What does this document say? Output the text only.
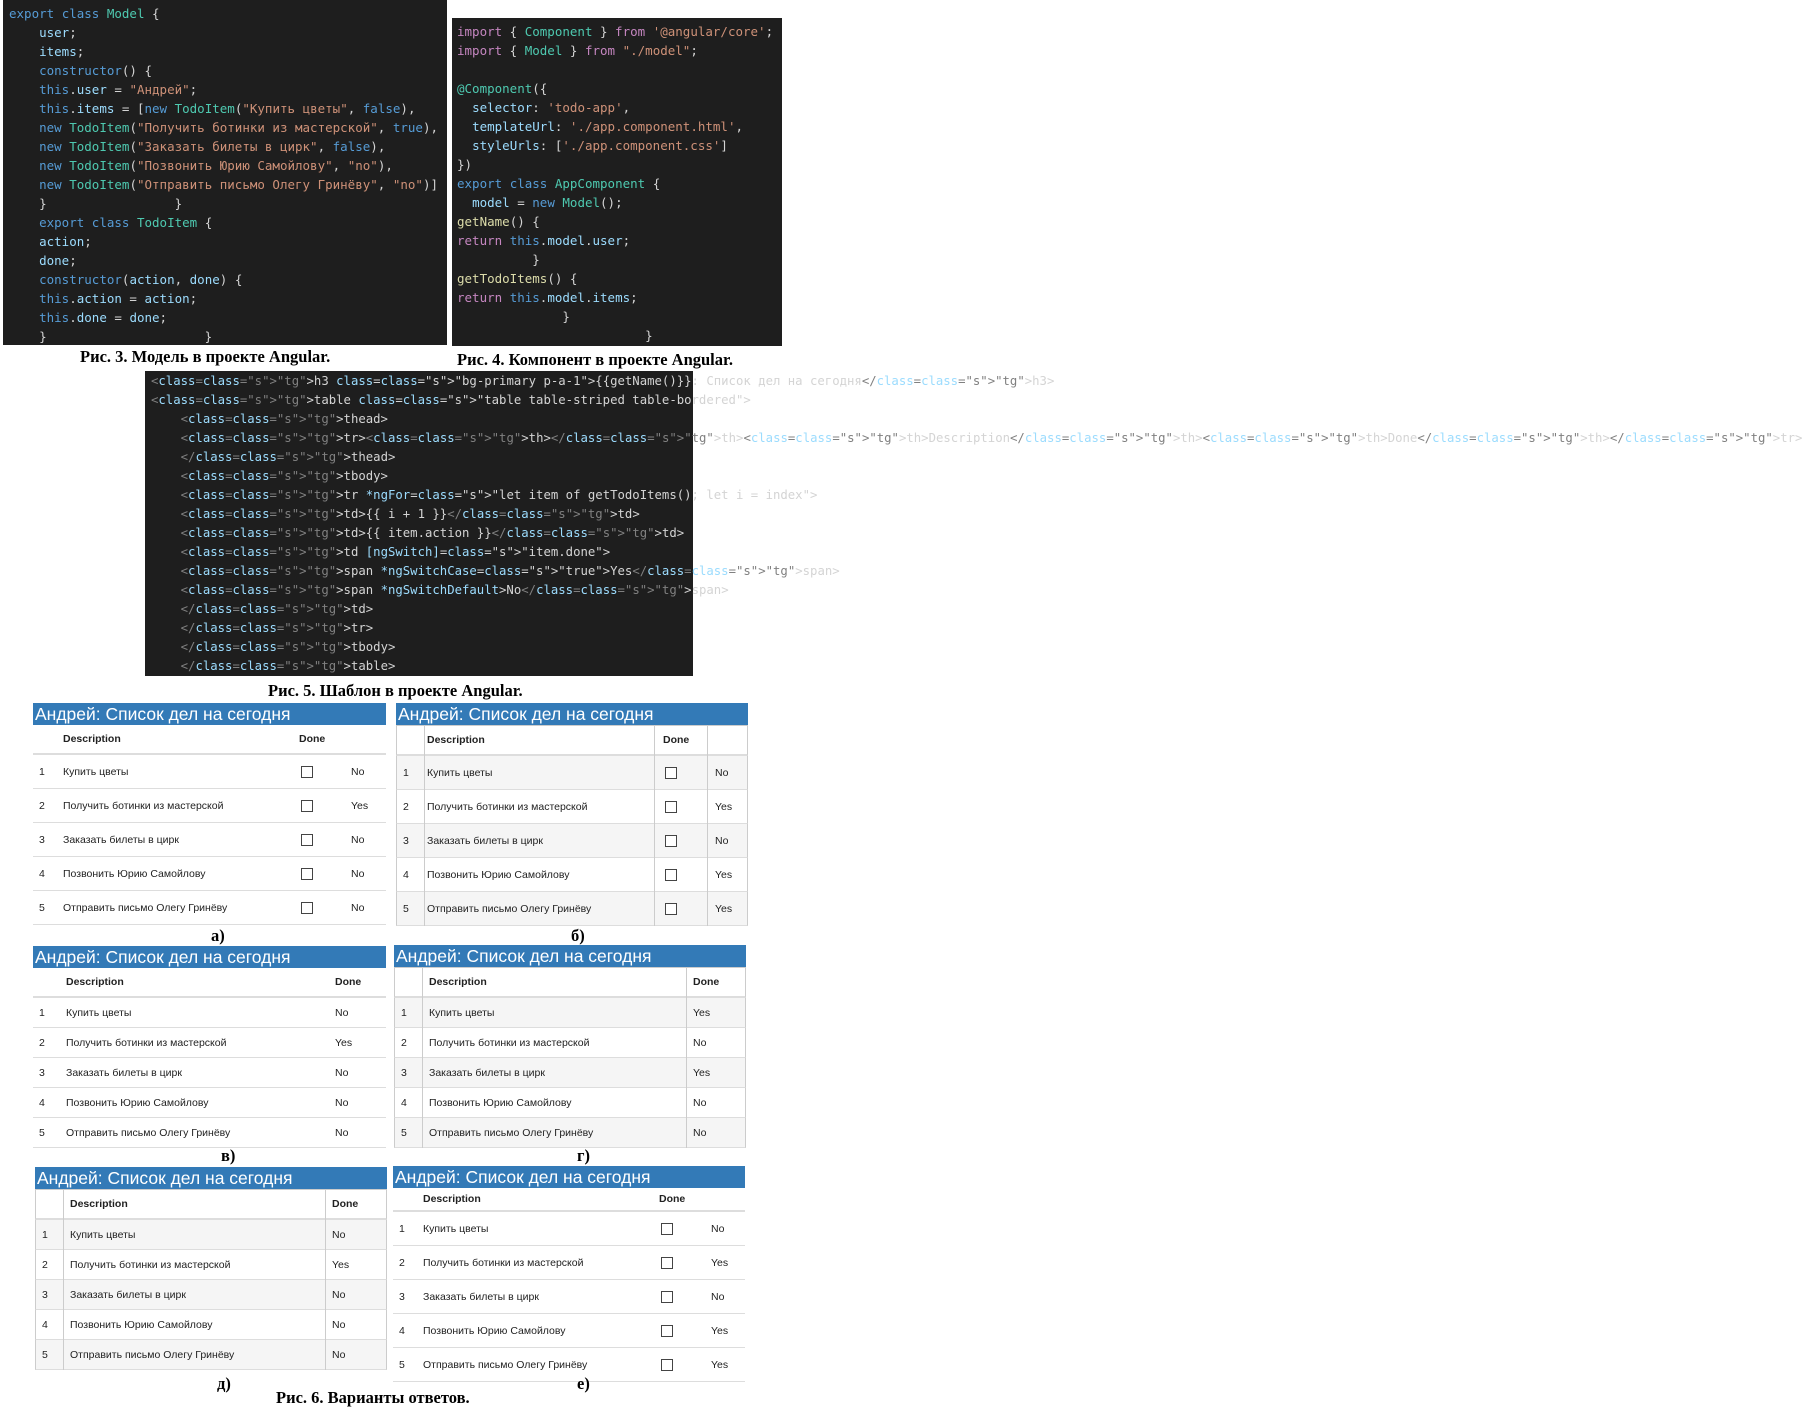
export class Model {
user;
items;
constructor() {
this.user = "Андрей";
this.items = [new TodoItem("Купить цветы", false),
new TodoItem("Получить ботинки из мастерской", true),
new TodoItem("Заказать билеты в цирк", false),
new TodoItem("Позвонить Юрию Самойлову", "no"),
new TodoItem("Отправить письмо Олегу Гринёву", "no")]
}                 }
export class TodoItem {
action;
done;
constructor(action, done) {
this.action = action;
this.done = done;
}                     }
import { Component } from '@angular/core';
import { Model } from "./model";

@Component({
selector: 'todo-app',
templateUrl: './app.component.html',
styleUrls: ['./app.component.css']
})
export class AppComponent {
model = new Model();
getName() {
return this.model.user;
}
getTodoItems() {
return this.model.items;
}
}
<class=class="s">"tg">h3 class=class="s">"bg-primary p-a-1">{{getName()}}: Список дел на сегодня</class=class="s">"tg">h3>
<class=class="s">"tg">table class=class="s">"table table-striped table-bordered">
<class=class="s">"tg">thead>
<class=class="s">"tg">tr><class=class="s">"tg">th></class=class="s">"tg">th><class=class="s">"tg">th>Description</class=class="s">"tg">th><class=class="s">"tg">th>Done</class=class="s">"tg">th></class=class="s">"tg">tr>
</class=class="s">"tg">thead>
<class=class="s">"tg">tbody>
<class=class="s">"tg">tr *ngFor=class="s">"let item of getTodoItems(); let i = index">
<class=class="s">"tg">td>{{ i + 1 }}</class=class="s">"tg">td>
<class=class="s">"tg">td>{{ item.action }}</class=class="s">"tg">td>
<class=class="s">"tg">td [ngSwitch]=class="s">"item.done">
<class=class="s">"tg">span *ngSwitchCase=class="s">"true">Yes</class=class="s">"tg">span>
<class=class="s">"tg">span *ngSwitchDefault>No</class=class="s">"tg">span>
</class=class="s">"tg">td>
</class=class="s">"tg">tr>
</class=class="s">"tg">tbody>
</class=class="s">"tg">table>
Рис. 3. Модель в проекте Angular.	Рис. 4. Компонент в проекте Angular.
Рис. 5. Шаблон в проекте Angular.
Андрей: Список дел на сегодня
Description	Done
1 Купить цветы	No
2 Получить ботинки из мастерской	Yes
3 Заказать билеты в цирк	No
4 Позвонить Юрию Самойлову	No
5 Отправить письмо Олегу Гринёву	No
Андрей: Список дел на сегодня
Description	Done
1 Купить цветы	No
2 Получить ботинки из мастерской	Yes
3 Заказать билеты в цирк	No
4 Позвонить Юрию Самойлову	Yes
5 Отправить письмо Олегу Гринёву	Yes
Андрей: Список дел на сегодня
Description	Done
1 Купить цветы	No
2 Получить ботинки из мастерской	Yes
3 Заказать билеты в цирк	No
4 Позвонить Юрию Самойлову	No
5 Отправить письмо Олегу Гринёву	No
Андрей: Список дел на сегодня
Description	Done
1 Купить цветы	Yes
2 Получить ботинки из мастерской	No
3 Заказать билеты в цирк	Yes
4 Позвонить Юрию Самойлову	No
5 Отправить письмо Олегу Гринёву	No
Андрей: Список дел на сегодня
Description	Done
1 Купить цветы	No
2 Получить ботинки из мастерской	Yes
3 Заказать билеты в цирк	No
4 Позвонить Юрию Самойлову	No
5 Отправить письмо Олегу Гринёву	No
Андрей: Список дел на сегодня
Description	Done
1 Купить цветы	No
2 Получить ботинки из мастерской	Yes
3 Заказать билеты в цирк	No
4 Позвонить Юрию Самойлову	Yes
5 Отправить письмо Олегу Гринёву	Yes
а)	б)
в)	г)
д)	е)
Рис. 6. Варианты ответов.
